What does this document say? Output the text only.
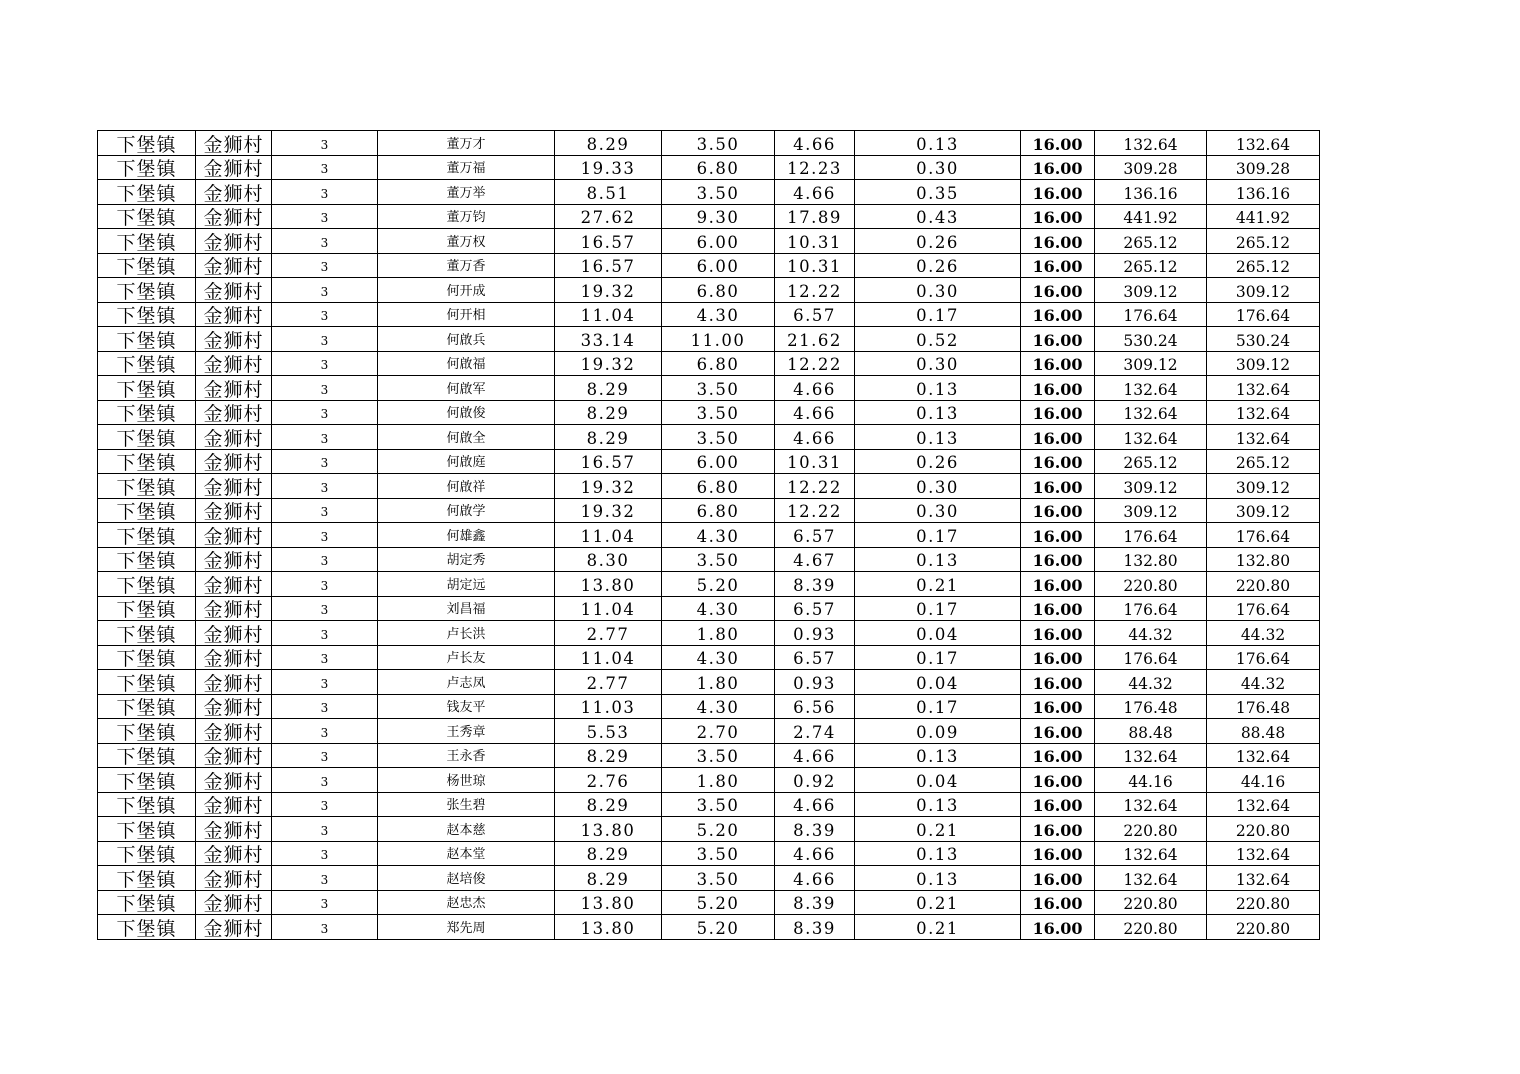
下堡镇	金狮村	3	董万才	8.29	3.50	4.66	0.13	16.00	132.64	132.64
下堡镇	金狮村	3	董万福	19.33	6.80	12.23	0.30	16.00	309.28	309.28
下堡镇	金狮村	3	董万举	8.51	3.50	4.66	0.35	16.00	136.16	136.16
下堡镇	金狮村	3	董万钧	27.62	9.30	17.89	0.43	16.00	441.92	441.92
下堡镇	金狮村	3	董万权	16.57	6.00	10.31	0.26	16.00	265.12	265.12
下堡镇	金狮村	3	董万香	16.57	6.00	10.31	0.26	16.00	265.12	265.12
下堡镇	金狮村	3	何开成	19.32	6.80	12.22	0.30	16.00	309.12	309.12
下堡镇	金狮村	3	何开相	11.04	4.30	6.57	0.17	16.00	176.64	176.64
下堡镇	金狮村	3	何啟兵	33.14	11.00	21.62	0.52	16.00	530.24	530.24
下堡镇	金狮村	3	何啟福	19.32	6.80	12.22	0.30	16.00	309.12	309.12
下堡镇	金狮村	3	何啟军	8.29	3.50	4.66	0.13	16.00	132.64	132.64
下堡镇	金狮村	3	何啟俊	8.29	3.50	4.66	0.13	16.00	132.64	132.64
下堡镇	金狮村	3	何啟全	8.29	3.50	4.66	0.13	16.00	132.64	132.64
下堡镇	金狮村	3	何啟庭	16.57	6.00	10.31	0.26	16.00	265.12	265.12
下堡镇	金狮村	3	何啟祥	19.32	6.80	12.22	0.30	16.00	309.12	309.12
下堡镇	金狮村	3	何啟学	19.32	6.80	12.22	0.30	16.00	309.12	309.12
下堡镇	金狮村	3	何雄鑫	11.04	4.30	6.57	0.17	16.00	176.64	176.64
下堡镇	金狮村	3	胡定秀	8.30	3.50	4.67	0.13	16.00	132.80	132.80
下堡镇	金狮村	3	胡定远	13.80	5.20	8.39	0.21	16.00	220.80	220.80
下堡镇	金狮村	3	刘昌福	11.04	4.30	6.57	0.17	16.00	176.64	176.64
下堡镇	金狮村	3	卢长洪	2.77	1.80	0.93	0.04	16.00	44.32	44.32
下堡镇	金狮村	3	卢长友	11.04	4.30	6.57	0.17	16.00	176.64	176.64
下堡镇	金狮村	3	卢志凤	2.77	1.80	0.93	0.04	16.00	44.32	44.32
下堡镇	金狮村	3	钱友平	11.03	4.30	6.56	0.17	16.00	176.48	176.48
下堡镇	金狮村	3	王秀章	5.53	2.70	2.74	0.09	16.00	88.48	88.48
下堡镇	金狮村	3	王永香	8.29	3.50	4.66	0.13	16.00	132.64	132.64
下堡镇	金狮村	3	杨世琼	2.76	1.80	0.92	0.04	16.00	44.16	44.16
下堡镇	金狮村	3	张生碧	8.29	3.50	4.66	0.13	16.00	132.64	132.64
下堡镇	金狮村	3	赵本慈	13.80	5.20	8.39	0.21	16.00	220.80	220.80
下堡镇	金狮村	3	赵本堂	8.29	3.50	4.66	0.13	16.00	132.64	132.64
下堡镇	金狮村	3	赵培俊	8.29	3.50	4.66	0.13	16.00	132.64	132.64
下堡镇	金狮村	3	赵忠杰	13.80	5.20	8.39	0.21	16.00	220.80	220.80
下堡镇	金狮村	3	郑先周	13.80	5.20	8.39	0.21	16.00	220.80	220.80
